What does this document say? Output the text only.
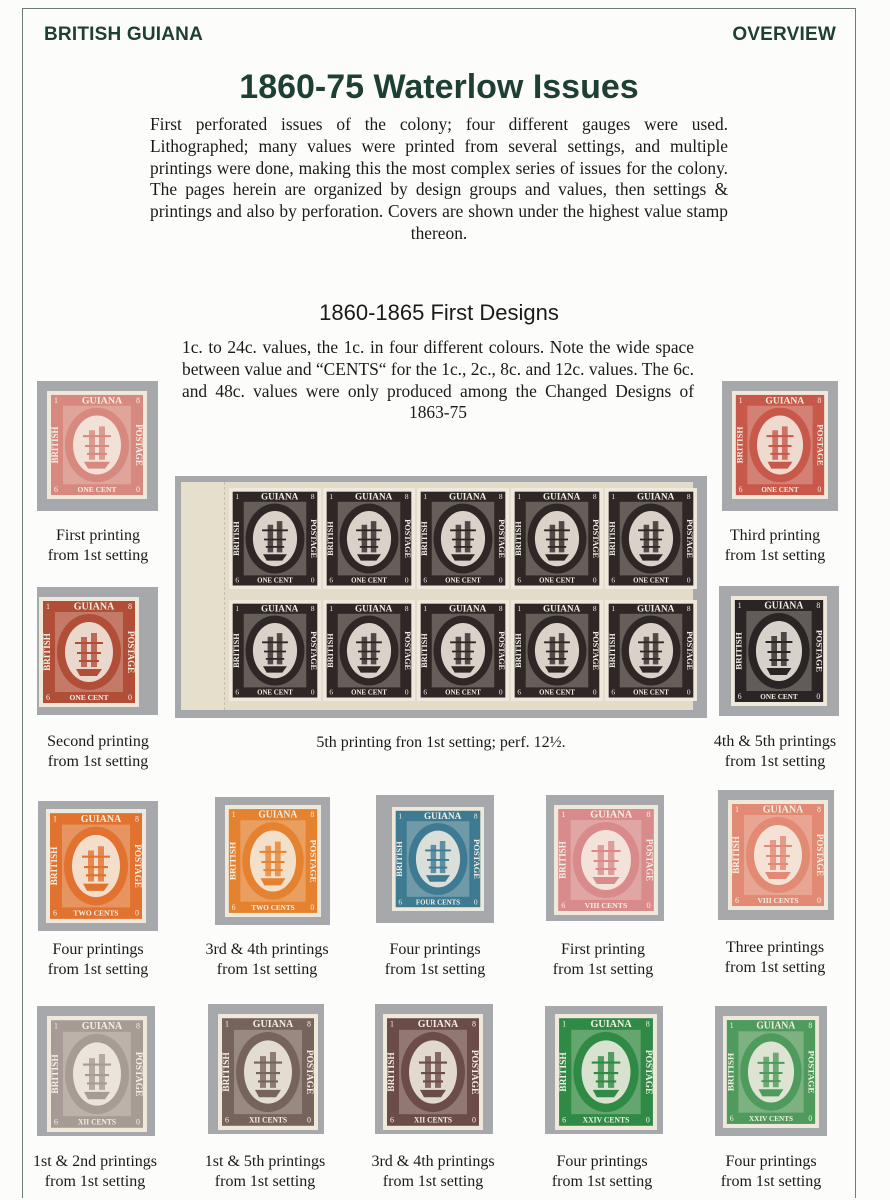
BRITISH GUIANA	OVERVIEW
1860-75 Waterlow Issues

First perforated issues of the colony; four different gauges were used. Lithographed; many values were printed from several settings, and multiple printings were done, making this the most complex series of issues for the colony. The pages herein are organized by design groups and values, then settings & printings and also by perforation. Covers are shown under the highest value stamp thereon.

1860-1865 First Designs

1c. to 24c. values, the 1c. in four different colours. Note the wide space between value and “CENTS“ for the 1c., 2c., 8c. and 12c. values. The 6c. and 48c. values were only produced among the Changed Designs of 1863-75

GUIANA
ONE CENT
BRITISH	POSTAGE
1	8
6	0
GUIANA
ONE CENT
BRITISH	POSTAGE
1	8
6	0
GUIANA
ONE CENT
BRITISH	POSTAGE
1	8
6	0
GUIANA
ONE CENT
BRITISH	POSTAGE
1	8
6	0
GUIANA
ONE CENT
BRITISH	POSTAGE
1	8
6	0
GUIANA
ONE CENT
BRITISH	POSTAGE
1	8
6	0
GUIANA
ONE CENT
BRITISH	POSTAGE
1	8
6	0
GUIANA
ONE CENT
BRITISH	POSTAGE
1	8
6	0
GUIANA
ONE CENT
BRITISH	POSTAGE
1	8
6	0
GUIANA
ONE CENT
BRITISH	POSTAGE
1	8
6	0
5th printing fron 1st setting; perf. 12½.
GUIANA
ONE CENT
BRITISH	POSTAGE
1	8
6	0
First printing
from 1st setting
GUIANA
ONE CENT
BRITISH	POSTAGE
1	8
6	0
Third printing
from 1st setting
GUIANA
ONE CENT
BRITISH	POSTAGE
1	8
6	0
Second printing
from 1st setting
GUIANA
ONE CENT
BRITISH	POSTAGE
1	8
6	0
4th & 5th printings
from 1st setting
GUIANA
TWO CENTS
BRITISH	POSTAGE
1	8
6	0
Four printings
from 1st setting
GUIANA
TWO CENTS
BRITISH	POSTAGE
1	8
6	0
3rd & 4th printings
from 1st setting
GUIANA
FOUR CENTS
BRITISH	POSTAGE
1	8
6	0
Four printings
from 1st setting
GUIANA
VIII CENTS
BRITISH	POSTAGE
1	8
6	0
First printing
from 1st setting
GUIANA
VIII CENTS
BRITISH	POSTAGE
1	8
6	0
Three printings
from 1st setting
GUIANA
XII CENTS
BRITISH	POSTAGE
1	8
6	0
1st & 2nd printings
from 1st setting
GUIANA
XII CENTS
BRITISH	POSTAGE
1	8
6	0
1st & 5th printings
from 1st setting
GUIANA
XII CENTS
BRITISH	POSTAGE
1	8
6	0
3rd & 4th printings
from 1st setting
GUIANA
XXIV CENTS
BRITISH	POSTAGE
1	8
6	0
Four printings
from 1st setting
GUIANA
XXIV CENTS
BRITISH	POSTAGE
1	8
6	0
Four printings
from 1st setting
